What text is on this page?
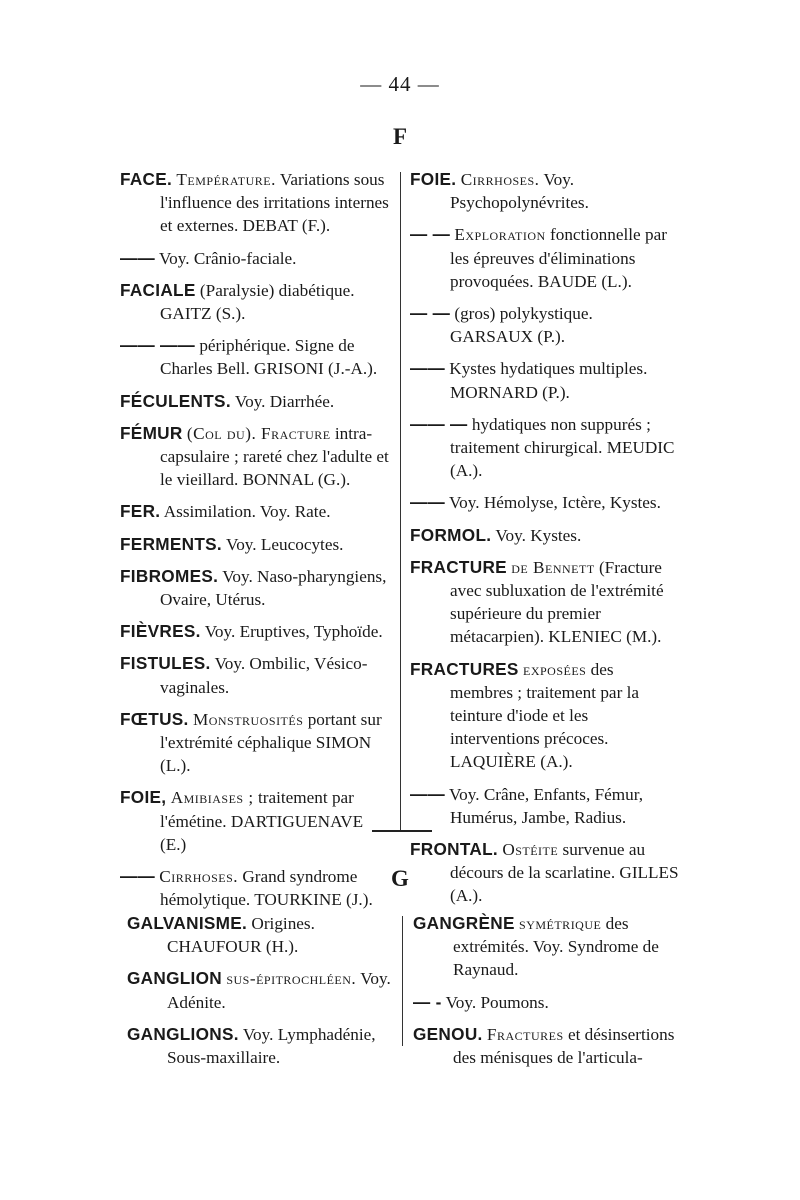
— 44 —
F
FACE. Température. Variations sous l'influence des irritations internes et externes. DEBAT (F.).
—— Voy. Crânio-faciale.
FACIALE (Paralysie) diabétique. GAITZ (S.).
—— —— périphérique. Signe de Charles Bell. GRISONI (J.-A.).
FÉCULENTS. Voy. Diarrhée.
FÉMUR (Col du). Fracture intra-capsulaire ; rareté chez l'adulte et le vieillard. BONNAL (G.).
FER. Assimilation. Voy. Rate.
FERMENTS. Voy. Leucocytes.
FIBROMES. Voy. Naso-pharyngiens, Ovaire, Utérus.
FIÈVRES. Voy. Eruptives, Typhoïde.
FISTULES. Voy. Ombilic, Vésico-vaginales.
FŒTUS. Monstruosités portant sur l'extrémité céphalique SIMON (L.).
FOIE, Amibiases ; traitement par l'émétine. DARTIGUENAVE (E.)
—— Cirrhoses. Grand syndrome hémolytique. TOURKINE (J.).
FOIE. Cirrhoses. Voy. Psychopolynévrites.
— — Exploration fonctionnelle par les épreuves d'éliminations provoquées. BAUDE (L.).
— — (gros) polykystique. GARSAUX (P.).
—— Kystes hydatiques multiples. MORNARD (P.).
—— — hydatiques non suppurés ; traitement chirurgical. MEUDIC (A.).
—— Voy. Hémolyse, Ictère, Kystes.
FORMOL. Voy. Kystes.
FRACTURE de Bennett (Fracture avec subluxation de l'extrémité supérieure du premier métacarpien). KLENIEC (M.).
FRACTURES exposées des membres ; traitement par la teinture d'iode et les interventions précoces. LAQUIÈRE (A.).
—— Voy. Crâne, Enfants, Fémur, Humérus, Jambe, Radius.
FRONTAL. Ostéite survenue au décours de la scarlatine. GILLES (A.).
G
GALVANISME. Origines. CHAUFOUR (H.).
GANGLION sus-épitrochléen. Voy. Adénite.
GANGLIONS. Voy. Lymphadénie, Sous-maxillaire.
GANGRÈNE symétrique des extrémités. Voy. Syndrome de Raynaud.
— - Voy. Poumons.
GENOU. Fractures et désinsertions des ménisques de l'articula-
